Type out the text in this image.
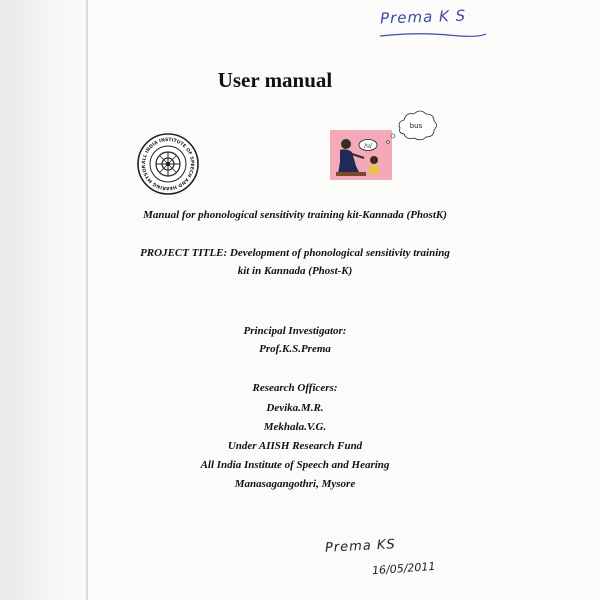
Prema K S
User manual
ALL INDIA INSTITUTE OF SPEECH AND HEARING MYSOR
/u/
bus
Manual for phonological sensitivity training kit-Kannada (PhostK)
PROJECT TITLE: Development of phonological sensitivity training
kit in Kannada (Phost-K)
Principal Investigator:
Prof.K.S.Prema
Research Officers:
Devika.M.R.
Mekhala.V.G.
Under AIISH Research Fund
All India Institute of Speech and Hearing
Manasagangothri, Mysore
Prema KS
16/05/2011
